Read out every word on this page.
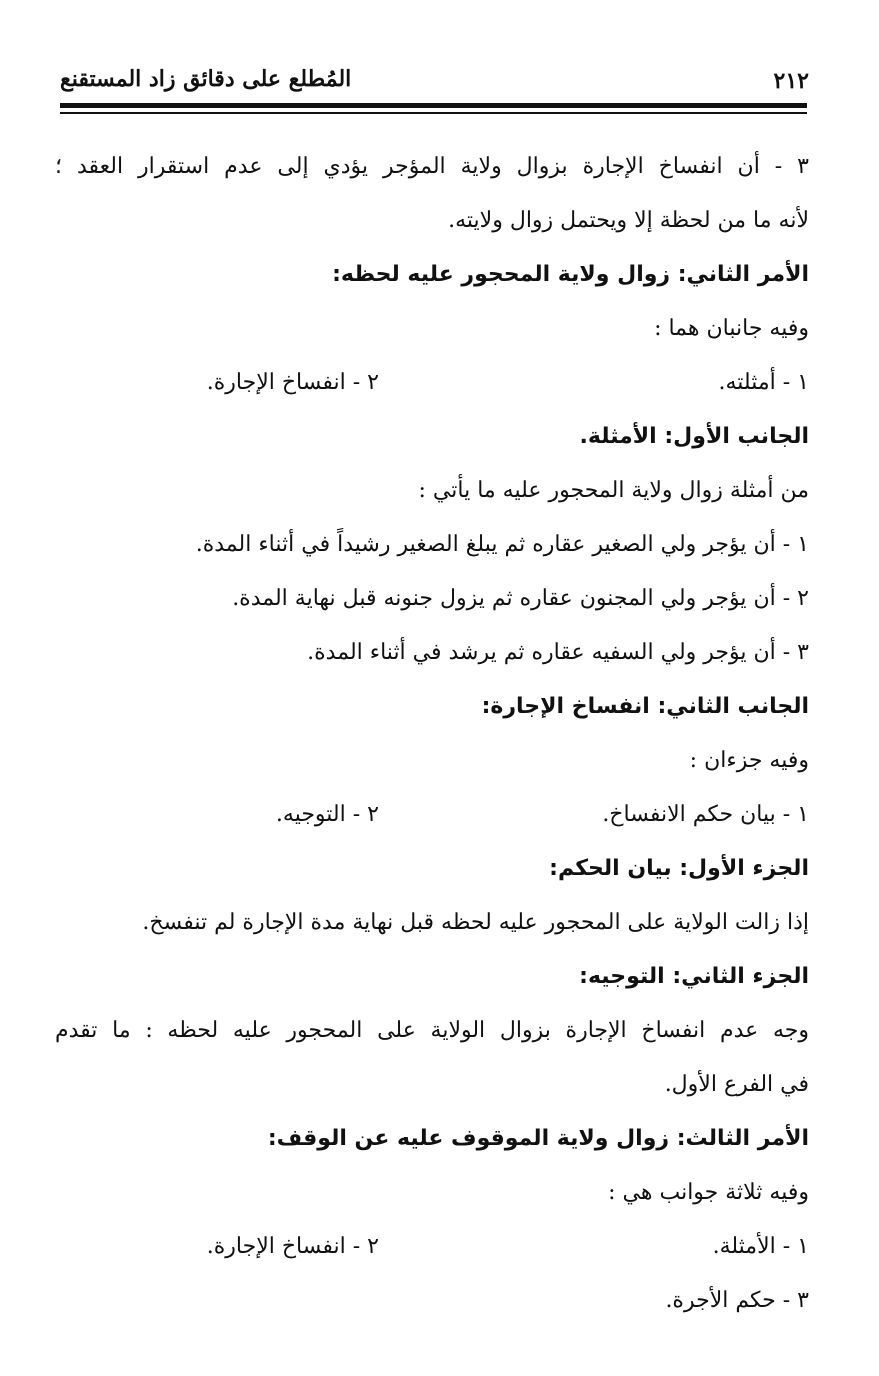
٢١٢
المُطلع على دقائق زاد المستقنع
٣ - أن انفساخ الإجارة بزوال ولاية المؤجر يؤدي إلى عدم استقرار العقد ؛
لأنه ما من لحظة إلا ويحتمل زوال ولايته.
الأمر الثاني: زوال ولاية المحجور عليه لحظه:
وفيه جانبان هما :
١ - أمثلته.٢ - انفساخ الإجارة.
الجانب الأول: الأمثلة.
من أمثلة زوال ولاية المحجور عليه ما يأتي :
١ - أن يؤجر ولي الصغير عقاره ثم يبلغ الصغير رشيداً في أثناء المدة.
٢ - أن يؤجر ولي المجنون عقاره ثم يزول جنونه قبل نهاية المدة.
٣ - أن يؤجر ولي السفيه عقاره ثم يرشد في أثناء المدة.
الجانب الثاني: انفساخ الإجارة:
وفيه جزءان :
١ - بيان حكم الانفساخ.٢ - التوجيه.
الجزء الأول: بيان الحكم:
إذا زالت الولاية على المحجور عليه لحظه قبل نهاية مدة الإجارة لم تنفسخ.
الجزء الثاني: التوجيه:
وجه عدم انفساخ الإجارة بزوال الولاية على المحجور عليه لحظه : ما تقدم
في الفرع الأول.
الأمر الثالث: زوال ولاية الموقوف عليه عن الوقف:
وفيه ثلاثة جوانب هي :
١ - الأمثلة.٢ - انفساخ الإجارة.
٣ - حكم الأجرة.
